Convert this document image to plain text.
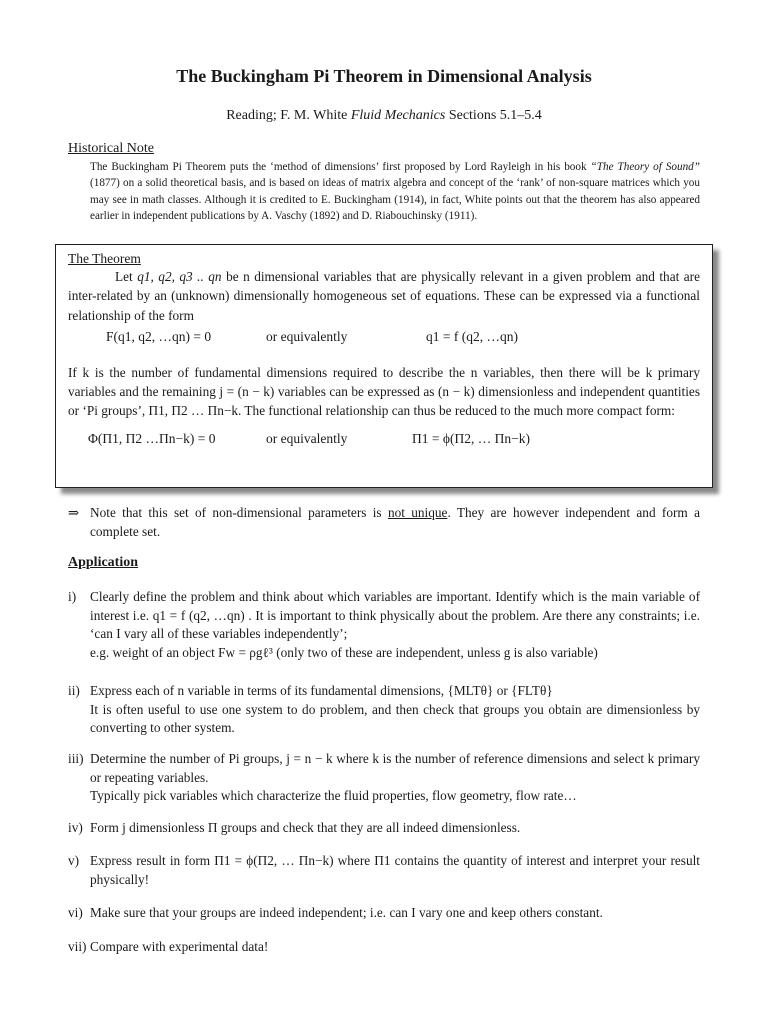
The Buckingham Pi Theorem in Dimensional Analysis
Reading; F. M. White Fluid Mechanics Sections 5.1–5.4
Historical Note
The Buckingham Pi Theorem puts the ‘method of dimensions’ first proposed by Lord Rayleigh in his book “The Theory of Sound” (1877) on a solid theoretical basis, and is based on ideas of matrix algebra and concept of the ‘rank’ of non-square matrices which you may see in math classes. Although it is credited to E. Buckingham (1914), in fact, White points out that the theorem has also appeared earlier in independent publications by A. Vaschy (1892) and D. Riabouchinsky (1911).
The Theorem

Let q1, q2, q3 .. qn be n dimensional variables that are physically relevant in a given problem and that are inter-related by an (unknown) dimensionally homogeneous set of equations. These can be expressed via a functional relationship of the form

F(q1, q2, …qn) = 0	or equivalently	q1 = f (q2, …qn)

If k is the number of fundamental dimensions required to describe the n variables, then there will be k primary variables and the remaining j = (n − k) variables can be expressed as (n − k) dimensionless and independent quantities or ‘Pi groups’, Π1, Π2 … Πn−k. The functional relationship can thus be reduced to the much more compact form:

Φ(Π1, Π2 …Πn−k) = 0	or equivalently	Π1 = ϕ(Π2, … Πn−k)
⇒ Note that this set of non-dimensional parameters is not unique. They are however independent and form a complete set.
Application
i) Clearly define the problem and think about which variables are important. Identify which is the main variable of interest i.e. q1 = f (q2, …qn) . It is important to think physically about the problem. Are there any constraints; i.e. ‘can I vary all of these variables independently’;
e.g. weight of an object Fw = ρgℓ³ (only two of these are independent, unless g is also variable)
ii) Express each of n variable in terms of its fundamental dimensions, {MLTθ} or {FLTθ}
It is often useful to use one system to do problem, and then check that groups you obtain are dimensionless by converting to other system.
iii) Determine the number of Pi groups, j = n − k where k is the number of reference dimensions and select k primary or repeating variables.
Typically pick variables which characterize the fluid properties, flow geometry, flow rate…
iv) Form j dimensionless Π groups and check that they are all indeed dimensionless.
v) Express result in form Π1 = ϕ(Π2, … Πn−k) where Π1 contains the quantity of interest and interpret your result physically!
vi) Make sure that your groups are indeed independent; i.e. can I vary one and keep others constant.
vii) Compare with experimental data!
